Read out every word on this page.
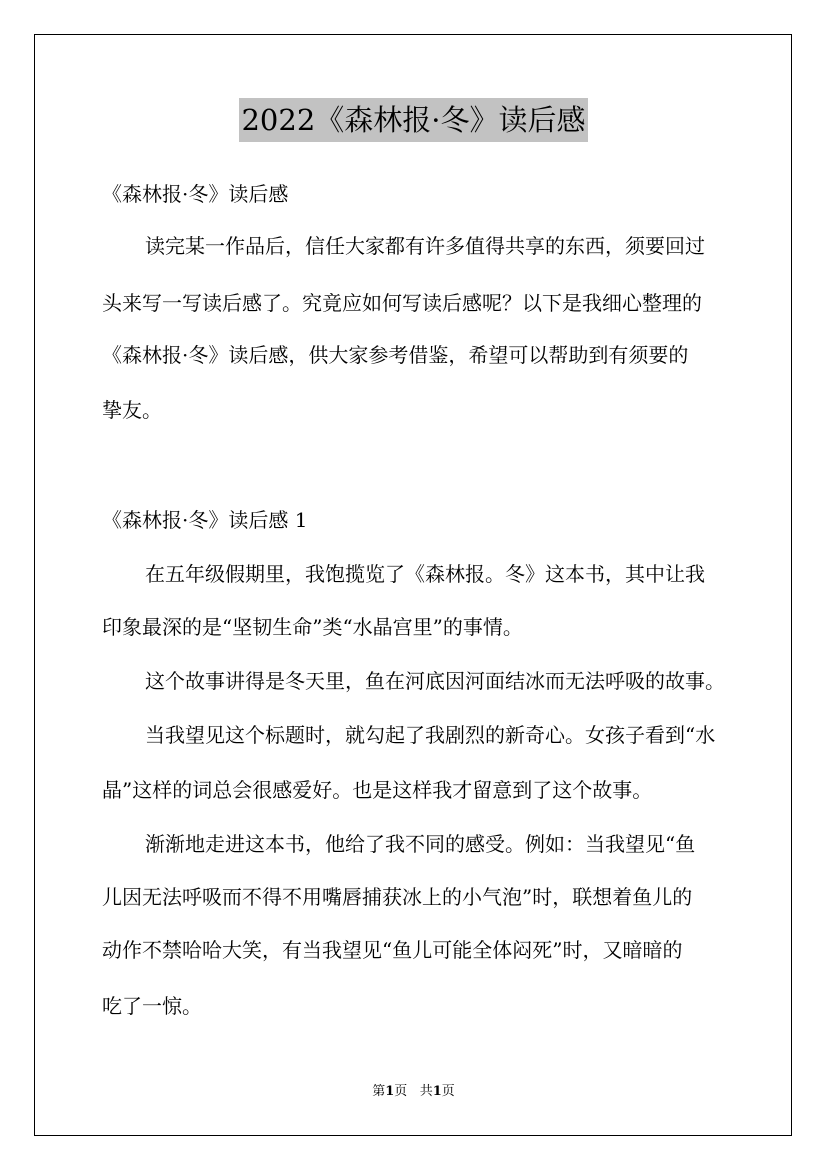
2022《森林报·冬》读后感
《森林报·冬》读后感
读完某一作品后，信任大家都有许多值得共享的东西，须要回过
头来写一写读后感了。究竟应如何写读后感呢？以下是我细心整理的
《森林报·冬》读后感，供大家参考借鉴，希望可以帮助到有须要的
挚友。
《森林报·冬》读后感 1
在五年级假期里，我饱揽览了《森林报。冬》这本书，其中让我
印象最深的是“坚韧生命”类“水晶宫里”的事情。
这个故事讲得是冬天里，鱼在河底因河面结冰而无法呼吸的故事。
当我望见这个标题时，就勾起了我剧烈的新奇心。女孩子看到“水
晶”这样的词总会很感爱好。也是这样我才留意到了这个故事。
渐渐地走进这本书，他给了我不同的感受。例如：当我望见“鱼
儿因无法呼吸而不得不用嘴唇捕获冰上的小气泡”时，联想着鱼儿的
动作不禁哈哈大笑，有当我望见“鱼儿可能全体闷死”时，又暗暗的
吃了一惊。
第1页   共1页
